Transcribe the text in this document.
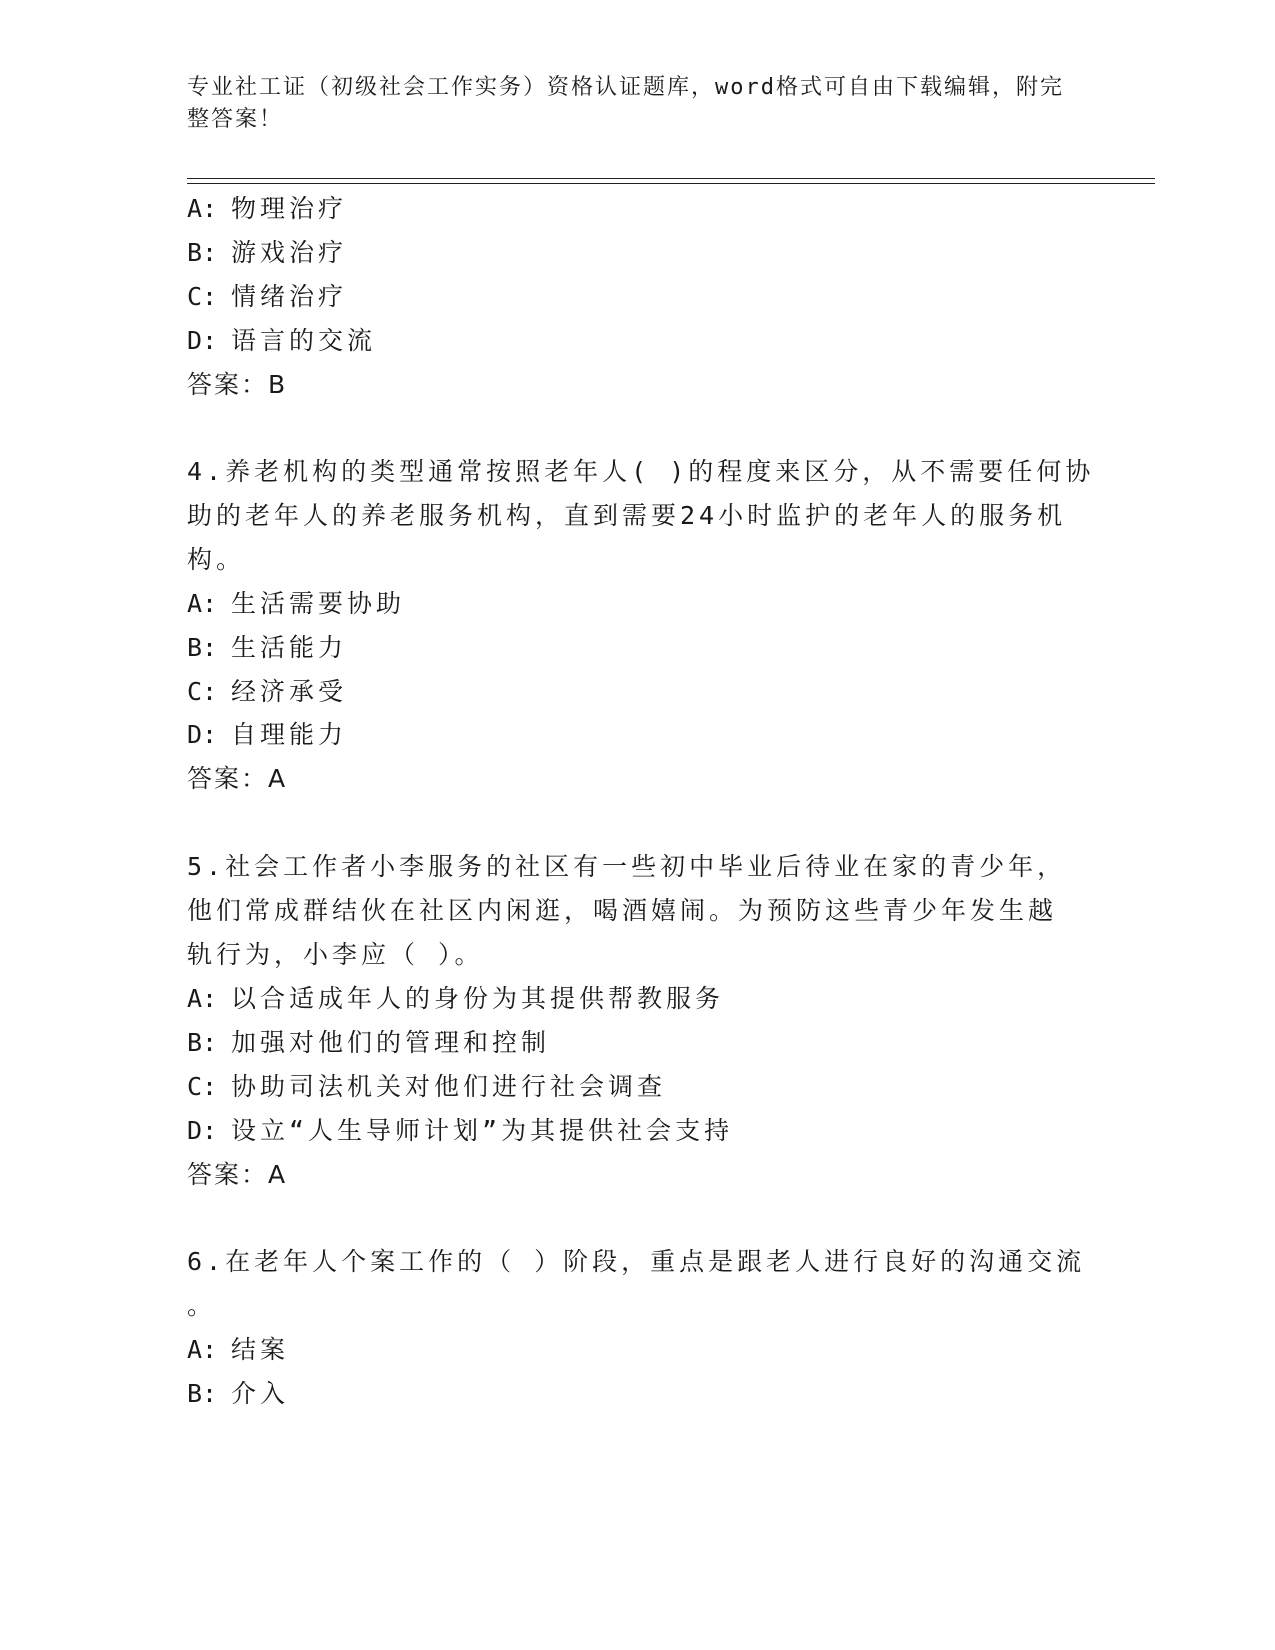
专业社工证（初级社会工作实务）资格认证题库，word格式可自由下载编辑，附完整答案！
A: 物理治疗
B: 游戏治疗
C: 情绪治疗
D: 语言的交流
答案：B
4.养老机构的类型通常按照老年人( )的程度来区分，从不需要任何协
助的老年人的养老服务机构，直到需要24小时监护的老年人的服务机
构。
A: 生活需要协助
B: 生活能力
C: 经济承受
D: 自理能力
答案：A
5.社会工作者小李服务的社区有一些初中毕业后待业在家的青少年，
他们常成群结伙在社区内闲逛，喝酒嬉闹。为预防这些青少年发生越
轨行为，小李应（ ）。
A: 以合适成年人的身份为其提供帮教服务
B: 加强对他们的管理和控制
C: 协助司法机关对他们进行社会调查
D: 设立“人生导师计划”为其提供社会支持
答案：A
6.在老年人个案工作的（ ）阶段，重点是跟老人进行良好的沟通交流
。
A: 结案
B: 介入
